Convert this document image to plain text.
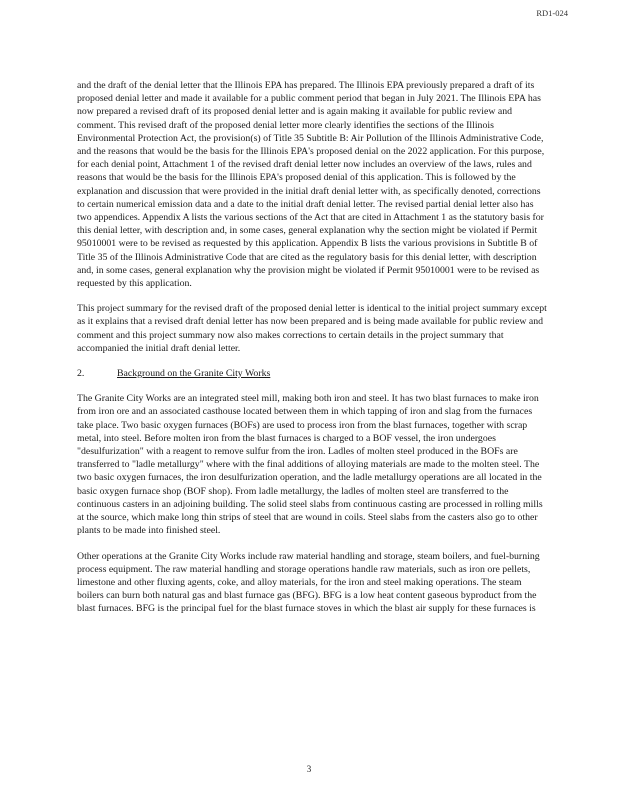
RD1-024

and the draft of the denial letter that the Illinois EPA has prepared. The Illinois EPA previously prepared a draft of its proposed denial letter and made it available for a public comment period that began in July 2021. The Illinois EPA has now prepared a revised draft of its proposed denial letter and is again making it available for public review and comment. This revised draft of the proposed denial letter more clearly identifies the sections of the Illinois Environmental Protection Act, the provision(s) of Title 35 Subtitle B: Air Pollution of the Illinois Administrative Code, and the reasons that would be the basis for the Illinois EPA's proposed denial on the 2022 application. For this purpose, for each denial point, Attachment 1 of the revised draft denial letter now includes an overview of the laws, rules and reasons that would be the basis for the Illinois EPA's proposed denial of this application. This is followed by the explanation and discussion that were provided in the initial draft denial letter with, as specifically denoted, corrections to certain numerical emission data and a date to the initial draft denial letter. The revised partial denial letter also has two appendices. Appendix A lists the various sections of the Act that are cited in Attachment 1 as the statutory basis for this denial letter, with description and, in some cases, general explanation why the section might be violated if Permit 95010001 were to be revised as requested by this application. Appendix B lists the various provisions in Subtitle B of Title 35 of the Illinois Administrative Code that are cited as the regulatory basis for this denial letter, with description and, in some cases, general explanation why the provision might be violated if Permit 95010001 were to be revised as requested by this application.

This project summary for the revised draft of the proposed denial letter is identical to the initial project summary except as it explains that a revised draft denial letter has now been prepared and is being made available for public review and comment and this project summary now also makes corrections to certain details in the project summary that accompanied the initial draft denial letter.

2.	Background on the Granite City Works

The Granite City Works are an integrated steel mill, making both iron and steel. It has two blast furnaces to make iron from iron ore and an associated casthouse located between them in which tapping of iron and slag from the furnaces take place. Two basic oxygen furnaces (BOFs) are used to process iron from the blast furnaces, together with scrap metal, into steel. Before molten iron from the blast furnaces is charged to a BOF vessel, the iron undergoes "desulfurization" with a reagent to remove sulfur from the iron. Ladles of molten steel produced in the BOFs are transferred to "ladle metallurgy" where with the final additions of alloying materials are made to the molten steel. The two basic oxygen furnaces, the iron desulfurization operation, and the ladle metallurgy operations are all located in the basic oxygen furnace shop (BOF shop). From ladle metallurgy, the ladles of molten steel are transferred to the continuous casters in an adjoining building. The solid steel slabs from continuous casting are processed in rolling mills at the source, which make long thin strips of steel that are wound in coils. Steel slabs from the casters also go to other plants to be made into finished steel.

Other operations at the Granite City Works include raw material handling and storage, steam boilers, and fuel-burning process equipment. The raw material handling and storage operations handle raw materials, such as iron ore pellets, limestone and other fluxing agents, coke, and alloy materials, for the iron and steel making operations. The steam boilers can burn both natural gas and blast furnace gas (BFG). BFG is a low heat content gaseous byproduct from the blast furnaces. BFG is the principal fuel for the blast furnace stoves in which the blast air supply for these furnaces is

3
